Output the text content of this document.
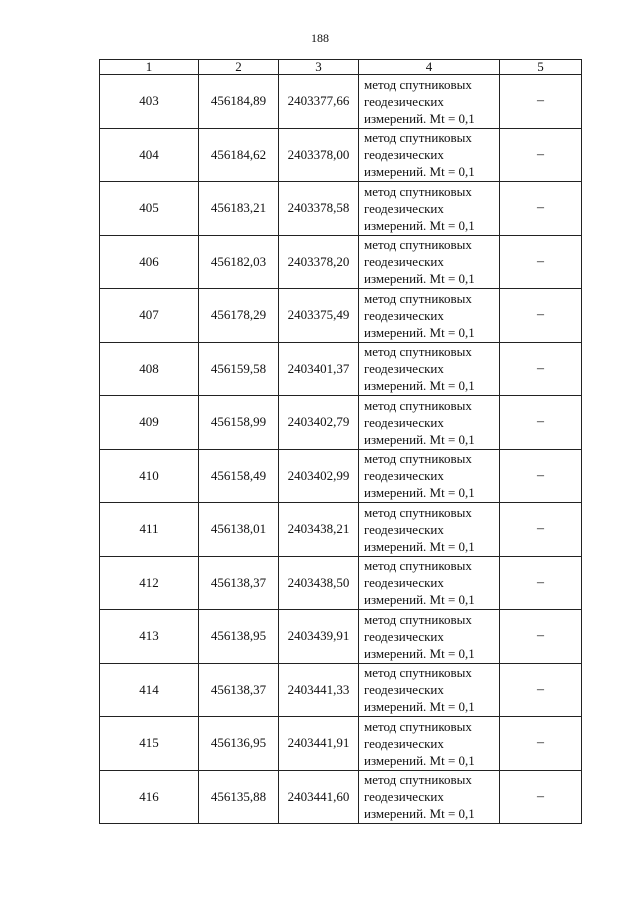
188
1	2	3	4	5
403	456184,89	2403377,66	метод спутниковых
геодезических
измерений. Mt = 0,1	–
404	456184,62	2403378,00	метод спутниковых
геодезических
измерений. Mt = 0,1	–
405	456183,21	2403378,58	метод спутниковых
геодезических
измерений. Mt = 0,1	–
406	456182,03	2403378,20	метод спутниковых
геодезических
измерений. Mt = 0,1	–
407	456178,29	2403375,49	метод спутниковых
геодезических
измерений. Mt = 0,1	–
408	456159,58	2403401,37	метод спутниковых
геодезических
измерений. Mt = 0,1	–
409	456158,99	2403402,79	метод спутниковых
геодезических
измерений. Mt = 0,1	–
410	456158,49	2403402,99	метод спутниковых
геодезических
измерений. Mt = 0,1	–
411	456138,01	2403438,21	метод спутниковых
геодезических
измерений. Mt = 0,1	–
412	456138,37	2403438,50	метод спутниковых
геодезических
измерений. Mt = 0,1	–
413	456138,95	2403439,91	метод спутниковых
геодезических
измерений. Mt = 0,1	–
414	456138,37	2403441,33	метод спутниковых
геодезических
измерений. Mt = 0,1	–
415	456136,95	2403441,91	метод спутниковых
геодезических
измерений. Mt = 0,1	–
416	456135,88	2403441,60	метод спутниковых
геодезических
измерений. Mt = 0,1	–
